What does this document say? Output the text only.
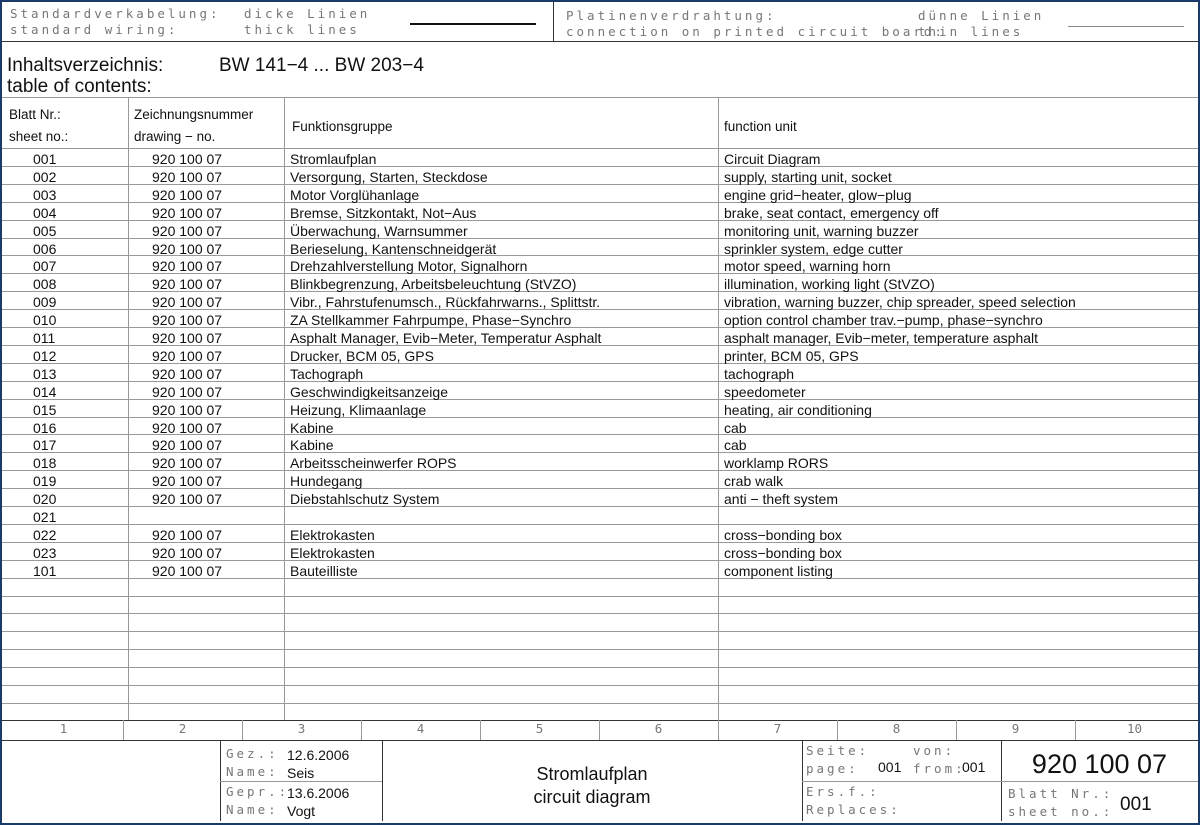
Standardverkabelung:
standard wiring:
dicke Linien
thick lines
Platinenverdrahtung:
connection on printed circuit board:
dünne Linien
thin lines
Inhaltsverzeichnis:
table of contents:
BW 141−4 ... BW 203−4
Blatt Nr.:
sheet no.:
Zeichnungsnummer
drawing − no.
Funktionsgruppe	function unit
001	920 100 07	Stromlaufplan	Circuit Diagram
002	920 100 07	Versorgung, Starten, Steckdose	supply, starting unit, socket
003	920 100 07	Motor Vorglühanlage	engine grid−heater, glow−plug
004	920 100 07	Bremse, Sitzkontakt, Not−Aus	brake, seat contact, emergency off
005	920 100 07	Überwachung, Warnsummer	monitoring unit, warning buzzer
006	920 100 07	Berieselung, Kantenschneidgerät	sprinkler system, edge cutter
007	920 100 07	Drehzahlverstellung Motor, Signalhorn	motor speed, warning horn
008	920 100 07	Blinkbegrenzung, Arbeitsbeleuchtung (StVZO)	illumination, working light (StVZO)
009	920 100 07	Vibr., Fahrstufenumsch., Rückfahrwarns., Splittstr.	vibration, warning buzzer, chip spreader, speed selection
010	920 100 07	ZA Stellkammer Fahrpumpe, Phase−Synchro	option control chamber trav.−pump, phase−synchro
011	920 100 07	Asphalt Manager, Evib−Meter, Temperatur Asphalt	asphalt manager, Evib−meter, temperature asphalt
012	920 100 07	Drucker, BCM 05, GPS	printer, BCM 05, GPS
013	920 100 07	Tachograph	tachograph
014	920 100 07	Geschwindigkeitsanzeige	speedometer
015	920 100 07	Heizung, Klimaanlage	heating, air conditioning
016	920 100 07	Kabine	cab
017	920 100 07	Kabine	cab
018	920 100 07	Arbeitsscheinwerfer ROPS	worklamp RORS
019	920 100 07	Hundegang	crab walk
020	920 100 07	Diebstahlschutz System	anti − theft system
021
022	920 100 07	Elektrokasten	cross−bonding box
023	920 100 07	Elektrokasten	cross−bonding box
101	920 100 07	Bauteilliste	component listing
1	2	3	4	5	6	7	8	9	10
Gez.: 12.6.2006
Name: Seis
Gepr.:
13.6.2006
Name: Vogt
Stromlaufplan
circuit diagram
Seite:
page: 001
von:
from:
001
Ers.f.:
Replaces:
920 100 07
Blatt Nr.:
sheet no.: 001
